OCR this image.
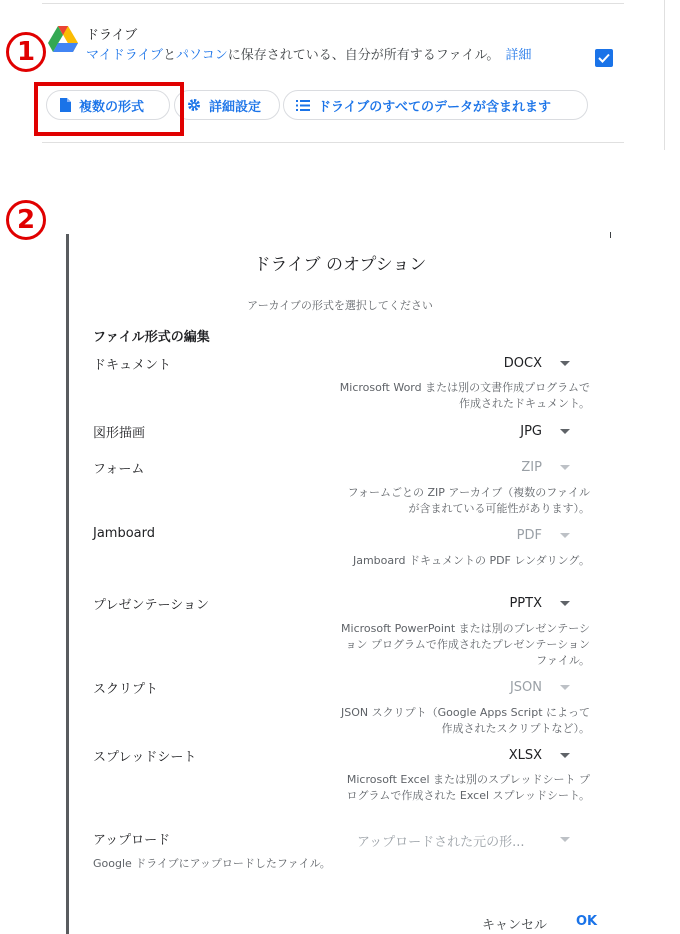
1
2
ドライブ
マイドライブとパソコンに保存されている、自分が所有するファイル。 詳細
複数の形式	詳細設定	ドライブのすべてのデータが含まれます
ドライブ のオプション
アーカイブの形式を選択してください
ファイル形式の編集
ドキュメント	DOCX
Microsoft Word または別の文書作成プログラムで作成されたドキュメント。
図形描画	JPG
フォーム	ZIP
フォームごとの ZIP アーカイブ（複数のファイルが含まれている可能性があります）。
Jamboard	PDF
Jamboard ドキュメントの PDF レンダリング。
プレゼンテーション	PPTX
Microsoft PowerPoint または別のプレゼンテーション プログラムで作成されたプレゼンテーション ファイル。
スクリプト	JSON
JSON スクリプト（Google Apps Script によって作成されたスクリプトなど）。
スプレッドシート	XLSX
Microsoft Excel または別のスプレッドシート プログラムで作成された Excel スプレッドシート。
アップロード	アップロードされた元の形...
Google ドライブにアップロードしたファイル。
キャンセル OK
